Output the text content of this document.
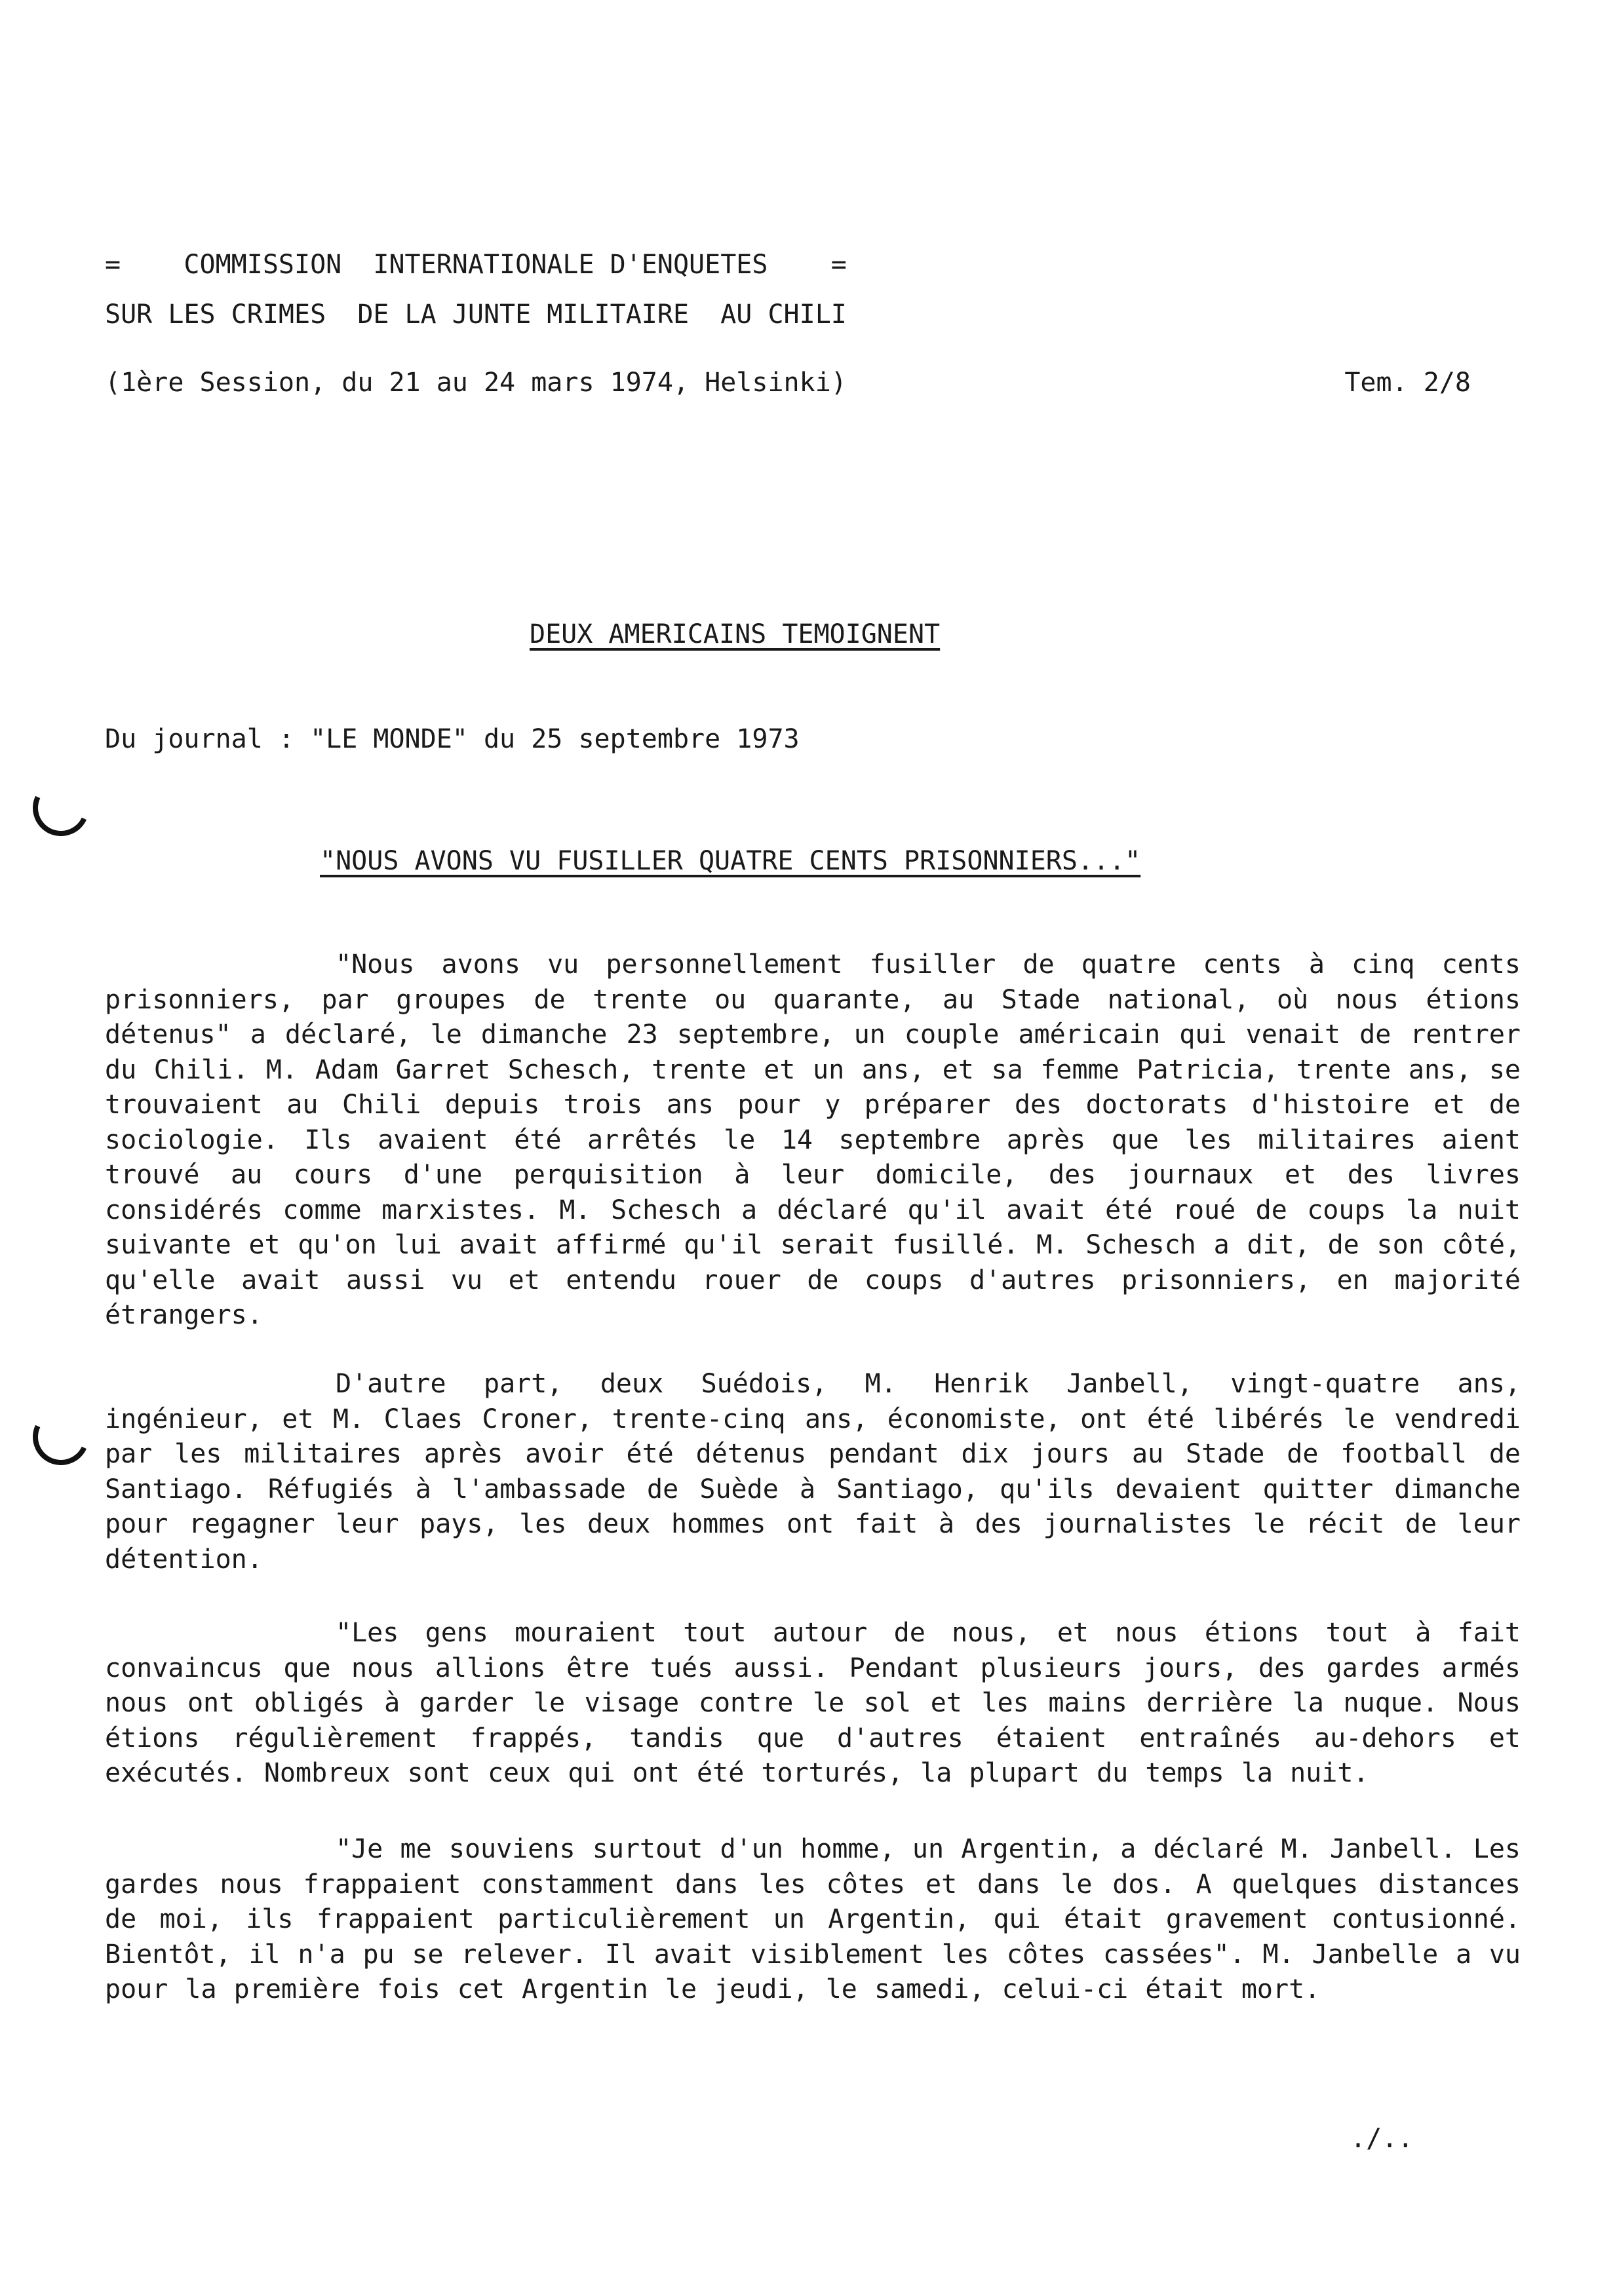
=    COMMISSION  INTERNATIONALE D'ENQUETES    =
SUR LES CRIMES  DE LA JUNTE MILITAIRE  AU CHILI
(1ère Session, du 21 au 24 mars 1974, Helsinki)	Tem. 2/8
DEUX AMERICAINS TEMOIGNENT
Du journal : "LE MONDE" du 25 septembre 1973
"NOUS AVONS VU FUSILLER QUATRE CENTS PRISONNIERS..."
"Nous avons vu personnellement fusiller de quatre cents à cinq cents prisonniers, par groupes de trente ou quarante, au Stade national, où nous étions détenus" a déclaré, le dimanche 23 septembre, un couple américain qui venait de rentrer du Chili. M. Adam Garret Schesch, trente et un ans, et sa femme Patricia, trente ans, se trouvaient au Chili depuis trois ans pour y préparer des doctorats d'histoire et de sociologie. Ils avaient été arrêtés le 14 septembre après que les militaires aient trouvé au cours d'une perquisition à leur domicile, des journaux et des livres considérés comme marxistes. M. Schesch a déclaré qu'il avait été roué de coups la nuit suivante et qu'on lui avait affirmé qu'il serait fusillé. M. Schesch a dit, de son côté, qu'elle avait aussi vu et entendu rouer de coups d'autres prisonniers, en majorité étrangers.
D'autre part, deux Suédois, M. Henrik Janbell, vingt-quatre ans, ingénieur, et M. Claes Croner, trente-cinq ans, économiste, ont été libérés le vendredi par les militaires après avoir été détenus pendant dix jours au Stade de football de Santiago. Réfugiés à l'ambassade de Suède à Santiago, qu'ils devaient quitter dimanche pour regagner leur pays, les deux hommes ont fait à des journalistes le récit de leur détention.
"Les gens mouraient tout autour de nous, et nous étions tout à fait convaincus que nous allions être tués aussi. Pendant plusieurs jours, des gardes armés nous ont obligés à garder le visage contre le sol et les mains derrière la nuque. Nous étions régulièrement frappés, tandis que d'autres étaient entraînés au-dehors et exécutés. Nombreux sont ceux qui ont été torturés, la plupart du temps la nuit.
"Je me souviens surtout d'un homme, un Argentin, a déclaré M. Janbell. Les gardes nous frappaient constamment dans les côtes et dans le dos. A quelques distances de moi, ils frappaient particulièrement un Argentin, qui était gravement contusionné. Bientôt, il n'a pu se relever. Il avait visiblement les côtes cassées". M. Janbelle a vu pour la première fois cet Argentin le jeudi, le samedi, celui-ci était mort.
./..
